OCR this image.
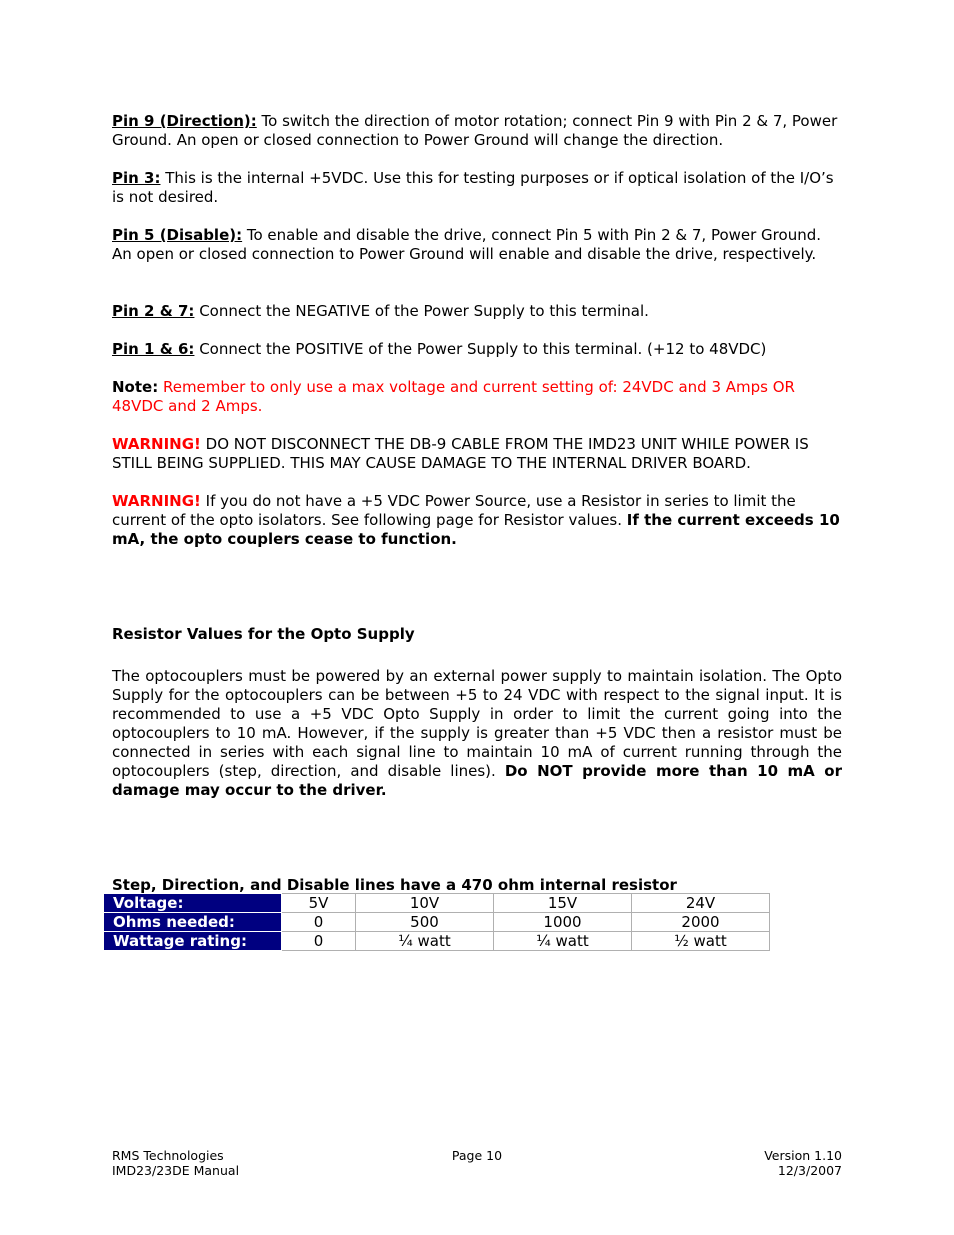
Pin 9 (Direction): To switch the direction of motor rotation; connect Pin 9 with Pin 2 & 7, Power Ground. An open or closed connection to Power Ground will change the direction.

Pin 3: This is the internal +5VDC. Use this for testing purposes or if optical isolation of the I/O’s is not desired.

Pin 5 (Disable): To enable and disable the drive, connect Pin 5 with Pin 2 & 7, Power Ground. An open or closed connection to Power Ground will enable and disable the drive, respectively.

Pin 2 & 7: Connect the NEGATIVE of the Power Supply to this terminal.

Pin 1 & 6: Connect the POSITIVE of the Power Supply to this terminal. (+12 to 48VDC)

Note: Remember to only use a max voltage and current setting of: 24VDC and 3 Amps OR 48VDC and 2 Amps.

WARNING! DO NOT DISCONNECT THE DB-9 CABLE FROM THE IMD23 UNIT WHILE POWER IS STILL BEING SUPPLIED. THIS MAY CAUSE DAMAGE TO THE INTERNAL DRIVER BOARD.

WARNING! If you do not have a +5 VDC Power Source, use a Resistor in series to limit the current of the opto isolators. See following page for Resistor values. If the current exceeds 10 mA, the opto couplers cease to function.

Resistor Values for the Opto Supply

The optocouplers must be powered by an external power supply to maintain isolation. The Opto Supply for the optocouplers can be between +5 to 24 VDC with respect to the signal input. It is recommended to use a +5 VDC Opto Supply in order to limit the current going into the optocouplers to 10 mA. However, if the supply is greater than +5 VDC then a resistor must be connected in series with each signal line to maintain 10 mA of current running through the optocouplers (step, direction, and disable lines). Do NOT provide more than 10 mA or damage may occur to the driver.

Step, Direction, and Disable lines have a 470 ohm internal resistor
Voltage:	5V	10V	15V	24V
Ohms needed:	0	500	1000	2000
Wattage rating:	0	¼ watt	¼ watt	½ watt
RMS Technologies
IMD23/23DE Manual
Page 10	Version 1.10
12/3/2007
